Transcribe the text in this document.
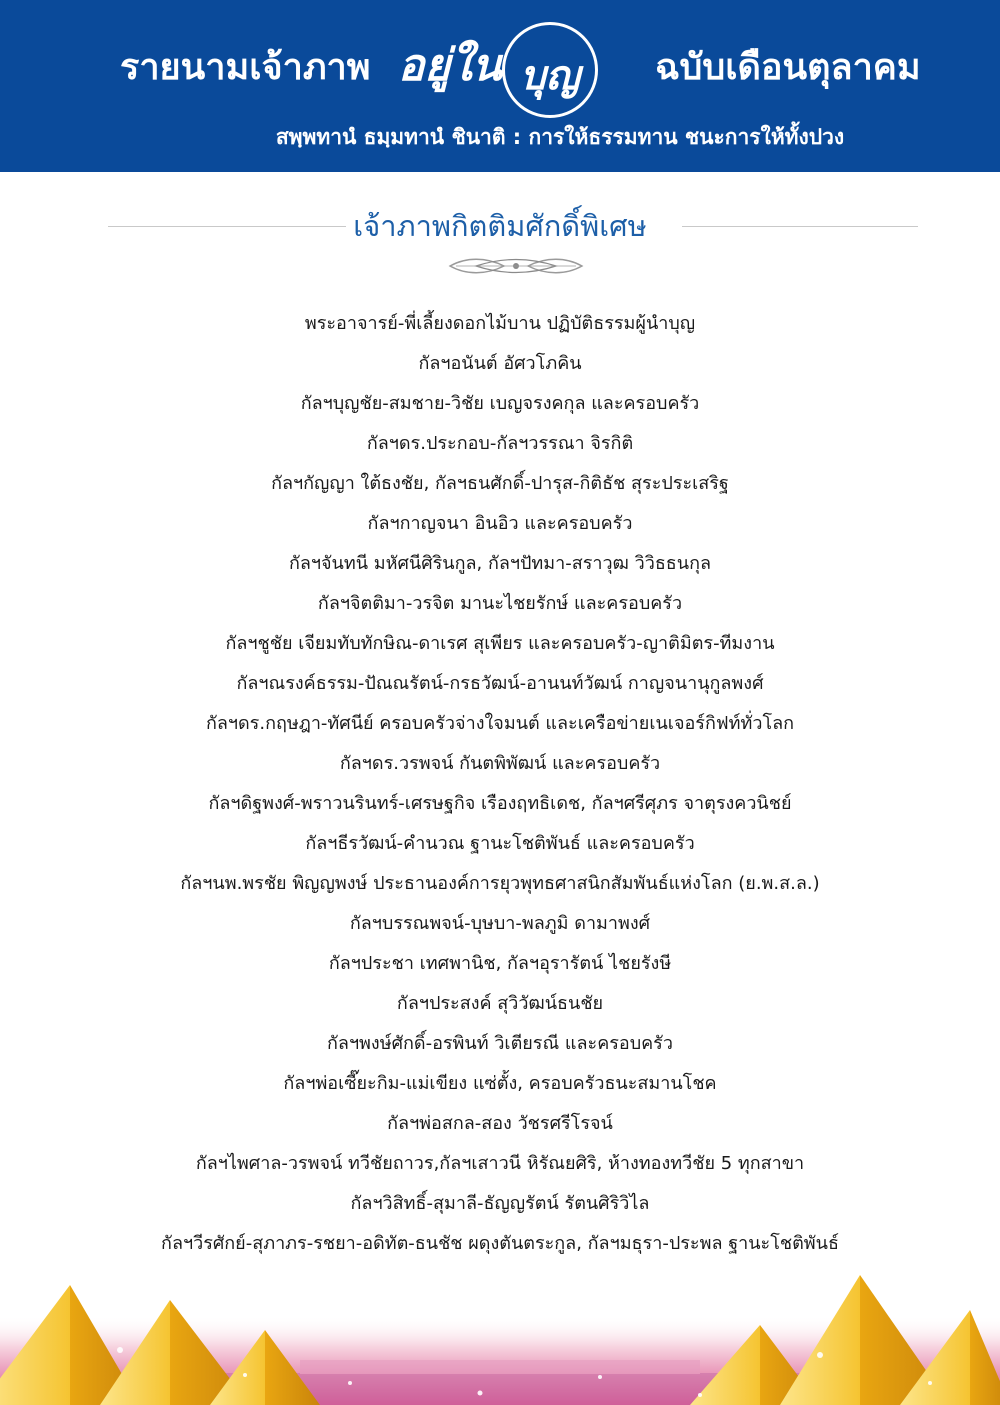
รายนามเจ้าภาพ อยู่ใน บุญ	ฉบับเดือนตุลาคม
สพฺพทานํ ธมฺมทานํ ชินาติ : การให้ธรรมทาน ชนะการให้ทั้งปวง
เจ้าภาพกิตติมศักดิ์พิเศษ
พระอาจารย์-พี่เลี้ยงดอกไม้บาน ปฏิบัติธรรมผู้นำบุญ
กัลฯอนันต์ อัศวโภคิน
กัลฯบุญชัย-สมชาย-วิชัย เบญจรงคกุล และครอบครัว
กัลฯดร.ประกอบ-กัลฯวรรณา จิรกิติ
กัลฯกัญญา ใต้ธงชัย, กัลฯธนศักดิ์-ปารุส-กิติธัช สุระประเสริฐ
กัลฯกาญจนา อินอิว และครอบครัว
กัลฯจันทนี มหัศนีศิรินกูล, กัลฯปัทมา-สราวุฒ วิวิธธนกุล
กัลฯจิตติมา-วรจิต มานะไชยรักษ์ และครอบครัว
กัลฯชูชัย เจียมทับทักษิณ-ดาเรศ สุเพียร และครอบครัว-ญาติมิตร-ทีมงาน
กัลฯณรงค์ธรรม-ปัณณรัตน์-กรธวัฒน์-อานนท์วัฒน์ กาญจนานุกูลพงศ์
กัลฯดร.กฤษฎา-ทัศนีย์ ครอบครัวจ่างใจมนต์ และเครือข่ายเนเจอร์กิฟท์ทั่วโลก
กัลฯดร.วรพจน์ กันตพิพัฒน์ และครอบครัว
กัลฯดิฐพงศ์-พราวนรินทร์-เศรษฐกิจ เรืองฤทธิเดช, กัลฯศรีศุภร จาตุรงควนิชย์
กัลฯธีรวัฒน์-คำนวณ ฐานะโชติพันธ์ และครอบครัว
กัลฯนพ.พรชัย พิญญพงษ์ ประธานองค์การยุวพุทธศาสนิกสัมพันธ์แห่งโลก (ย.พ.ส.ล.)
กัลฯบรรณพจน์-บุษบา-พลภูมิ ดามาพงศ์
กัลฯประชา เทศพานิช, กัลฯอุรารัตน์ ไชยรังษี
กัลฯประสงค์ สุวิวัฒน์ธนชัย
กัลฯพงษ์ศักดิ์-อรพินท์ วิเตียรณี และครอบครัว
กัลฯพ่อเซี๊ยะกิม-แม่เขียง แซ่ตั้ง, ครอบครัวธนะสมานโชค
กัลฯพ่อสกล-สอง วัชรศรีโรจน์
กัลฯไพศาล-วรพจน์ ทวีชัยถาวร,กัลฯเสาวนี หิรัณยศิริ, ห้างทองทวีชัย 5 ทุกสาขา
กัลฯวิสิทธิ์-สุมาลี-ธัญญรัตน์ รัตนศิริวิไล
กัลฯวีรศักย์-สุภาภร-รชยา-อดิทัต-ธนชัช ผดุงตันตระกูล, กัลฯมธุรา-ประพล ฐานะโชติพันธ์
